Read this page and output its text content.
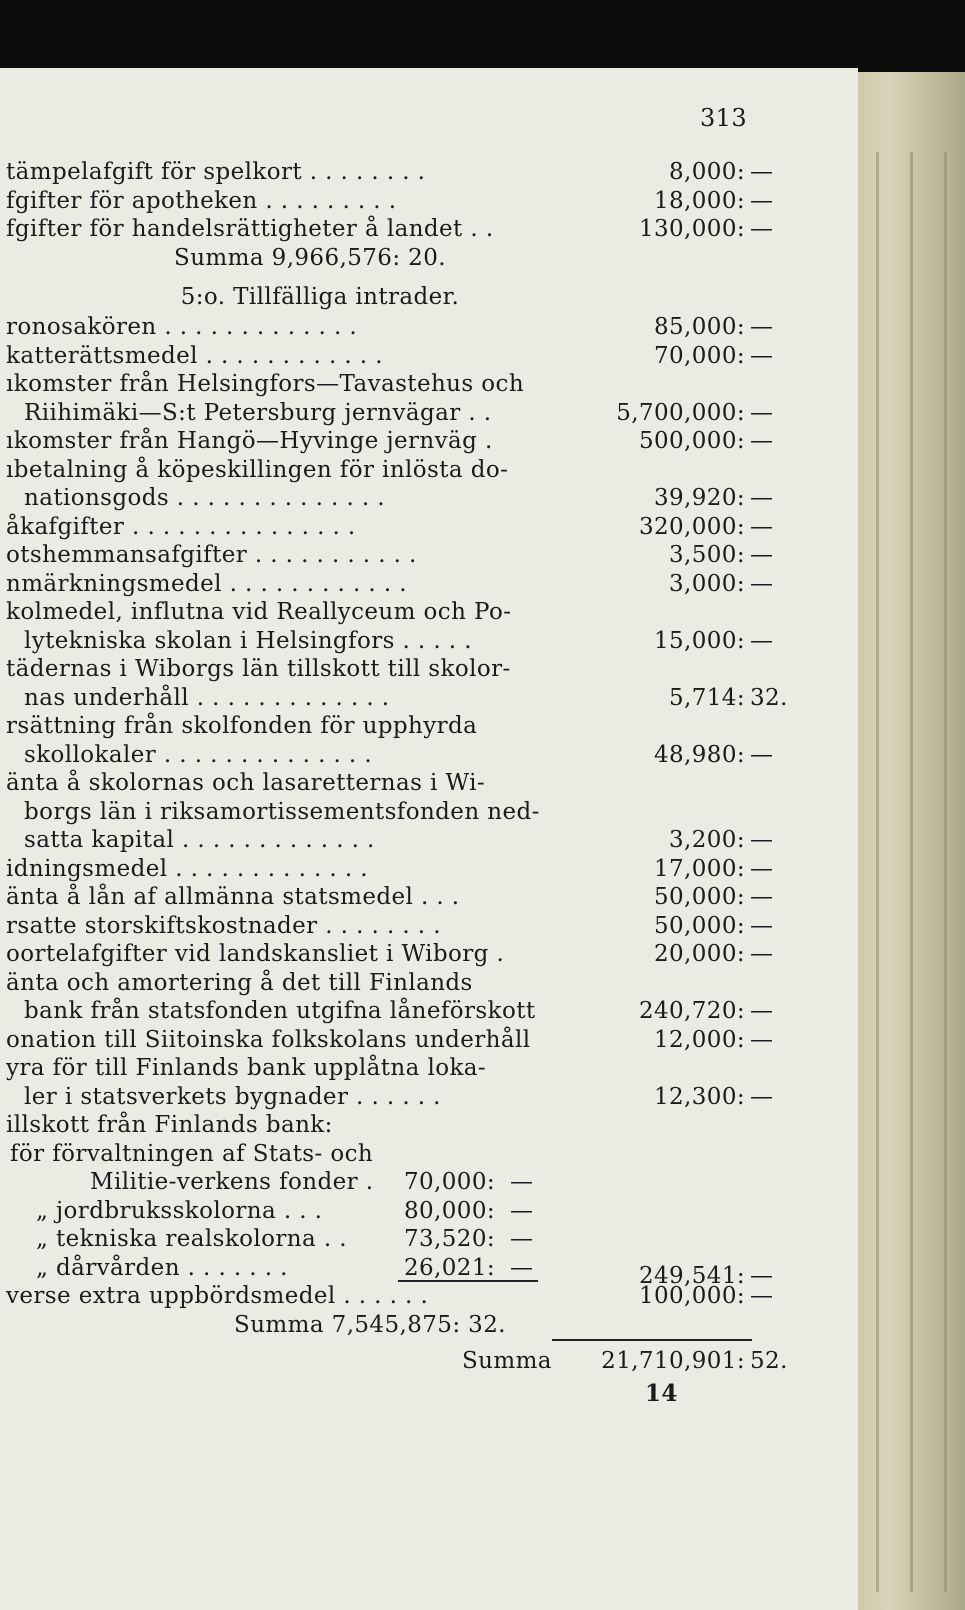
313
tämpelafgift för spelkort . . . . . . . .	8,000: —
fgifter för apotheken . . . . . . . . .	18,000: —
fgifter för handelsrättigheter å landet . .	130,000: —
Summa 9,966,576: 20.
5:o. Tillfälliga intrader.
ronosakören . . . . . . . . . . . . .	85,000: —
katterättsmedel . . . . . . . . . . . .	70,000: —
ıkomster från Helsingfors—Tavastehus och
Riihimäki—S:t Petersburg jernvägar . .	5,700,000: —
ıkomster från Hangö—Hyvinge jernväg .	500,000: —
ıbetalning å köpeskillingen för inlösta do-
nationsgods . . . . . . . . . . . . . .	39,920: —
åkafgifter . . . . . . . . . . . . . . .	320,000: —
otshemmansafgifter . . . . . . . . . . .	3,500: —
nmärkningsmedel . . . . . . . . . . . .	3,000: —
kolmedel, influtna vid Reallyceum och Po-
lytekniska skolan i Helsingfors . . . . .	15,000: —
tädernas i Wiborgs län tillskott till skolor-
nas underhåll . . . . . . . . . . . . .	5,714: 32.
rsättning från skolfonden för upphyrda
skollokaler . . . . . . . . . . . . . .	48,980: —
änta å skolornas och lasaretternas i Wi-
borgs län i riksamortissementsfonden ned-
satta kapital . . . . . . . . . . . . .	3,200: —
idningsmedel . . . . . . . . . . . . .	17,000: —
änta å lån af allmänna statsmedel . . .	50,000: —
rsatte storskiftskostnader . . . . . . . .	50,000: —
oortelafgifter vid landskansliet i Wiborg .	20,000: —
änta och amortering å det till Finlands
bank från statsfonden utgifna låneförskott	240,720: —
onation till Siitoinska folkskolans underhåll	12,000: —
yra för till Finlands bank upplåtna loka-
ler i statsverkets bygnader . . . . . .	12,300: —
illskott från Finlands bank:
för förvaltningen af Stats- och
Militie-verkens fonder . 70,000: —
„ jordbruksskolorna . . .	80,000: —
„ tekniska realskolorna . . 73,520: —
„ dårvården . . . . . . .	26,021: —	249,541: —
verse extra uppbördsmedel . . . . . .	100,000: —
Summa 7,545,875: 32.
Summa 21,710,901: 52.
14
